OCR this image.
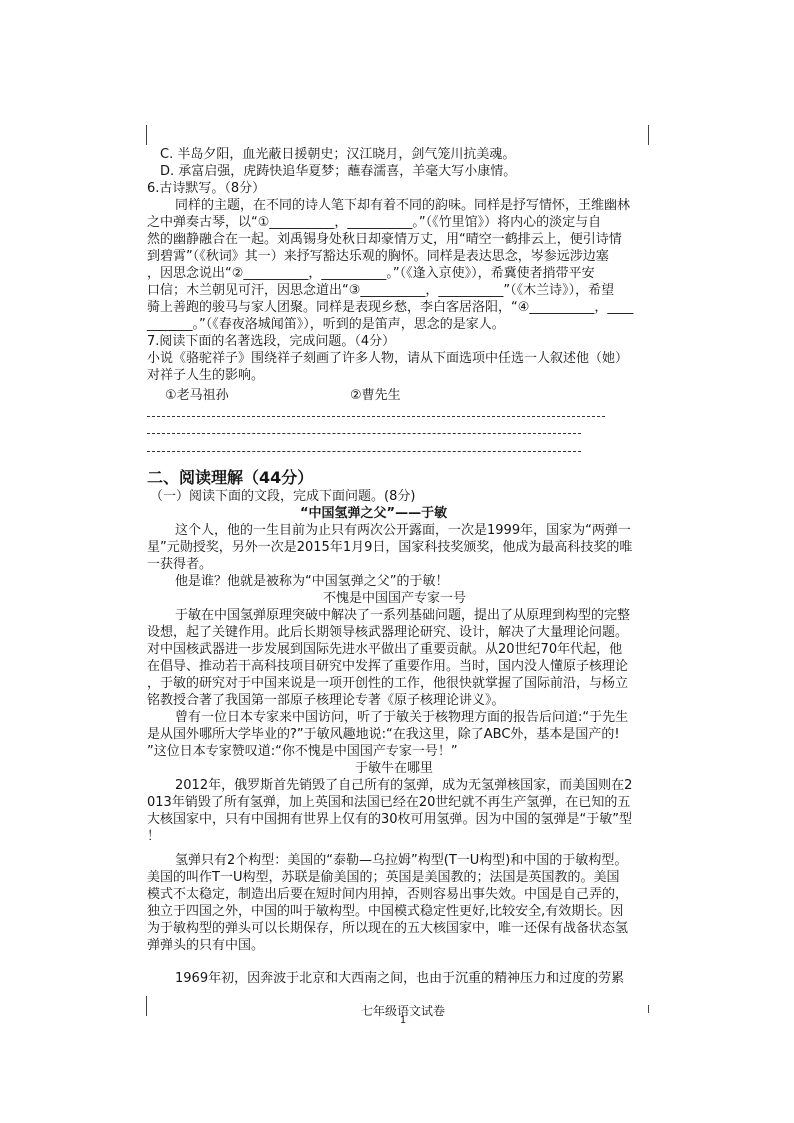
C. 半岛夕阳，血光蔽日援朝史；汉江晓月，剑气笼川抗美魂。
D. 承富启强，虎踌快追华夏梦；蘸春濡喜，羊毫大写小康情。
6.古诗默写。（8分）
同样的主题，在不同的诗人笔下却有着不同的韵味。同样是抒写情怀，王维幽林
之中弹奏古琴，以“①__________，__________。”（《竹里馆》）将内心的淡定与自
然的幽静融合在一起。刘禹锡身处秋日却豪情万丈，用“晴空一鹤排云上，便引诗情
到碧霄”（《秋词》其一）来抒写豁达乐观的胸怀。同样是表达思念，岑参远涉边塞
，因思念说出“②__________，__________。”（《逢入京使》），希冀使者捎带平安
口信；木兰朝见可汗，因思念道出“③__________，__________”（《木兰诗》），希望
骑上善跑的骏马与家人团聚。同样是表现乡愁，李白客居洛阳，“④__________，____
_______。”（《春夜洛城闻笛》），听到的是笛声，思念的是家人。
7.阅读下面的名著选段，完成问题。（4分）
小说《骆驼祥子》围绕祥子刻画了许多人物，请从下面选项中任选一人叙述他（她）
对祥子人生的影响。
①老马祖孙	②曹先生
二、阅读理解（44分）
（一）阅读下面的文段，完成下面问题。(8分)
“中国氢弹之父”——于敏
这个人，他的一生目前为止只有两次公开露面，一次是1999年，国家为“两弹一
星”元勋授奖，另外一次是2015年1月9日，国家科技奖颁奖，他成为最高科技奖的唯
一获得者。
他是谁？他就是被称为“中国氢弹之父”的于敏！
不愧是中国国产专家一号
于敏在中国氢弹原理突破中解决了一系列基础问题，提出了从原理到构型的完整
设想，起了关键作用。此后长期领导核武器理论研究、设计，解决了大量理论问题。
对中国核武器进一步发展到国际先进水平做出了重要贡献。从20世纪70年代起，他
在倡导、推动若干高科技项目研究中发挥了重要作用。当时，国内没人懂原子核理论
，于敏的研究对于中国来说是一项开创性的工作，他很快就掌握了国际前沿，与杨立
铭教授合著了我国第一部原子核理论专著《原子核理论讲义》。
曾有一位日本专家来中国访问，听了于敏关于核物理方面的报告后问道:“于先生
是从国外哪所大学毕业的?”于敏风趣地说:“在我这里，除了ABC外，基本是国产的!
”这位日本专家赞叹道:“你不愧是中国国产专家一号！”
于敏牛在哪里
2012年，俄罗斯首先销毁了自己所有的氢弹，成为无氢弹核国家，而美国则在2
013年销毁了所有氢弹，加上英国和法国已经在20世纪就不再生产氢弹，在已知的五
大核国家中，只有中国拥有世界上仅有的30枚可用氢弹。因为中国的氢弹是“于敏”型
！
氢弹只有2个构型：美国的“泰勒—乌拉姆”构型(T一U构型)和中国的于敏构型。
美国的叫作T一U构型，苏联是偷美国的；英国是美国教的；法国是英国教的。美国
模式不太稳定，制造出后要在短时间内用掉，否则容易出事失效。中国是自己弄的，
独立于四国之外，中国的叫于敏构型。中国模式稳定性更好,比较安全,有效期长。因
为于敏构型的弹头可以长期保存，所以现在的五大核国家中，唯一还保有战备状态氢
弹弹头的只有中国。
1969年初，因奔波于北京和大西南之间，也由于沉重的精神压力和过度的劳累
七年级语文试卷
1
